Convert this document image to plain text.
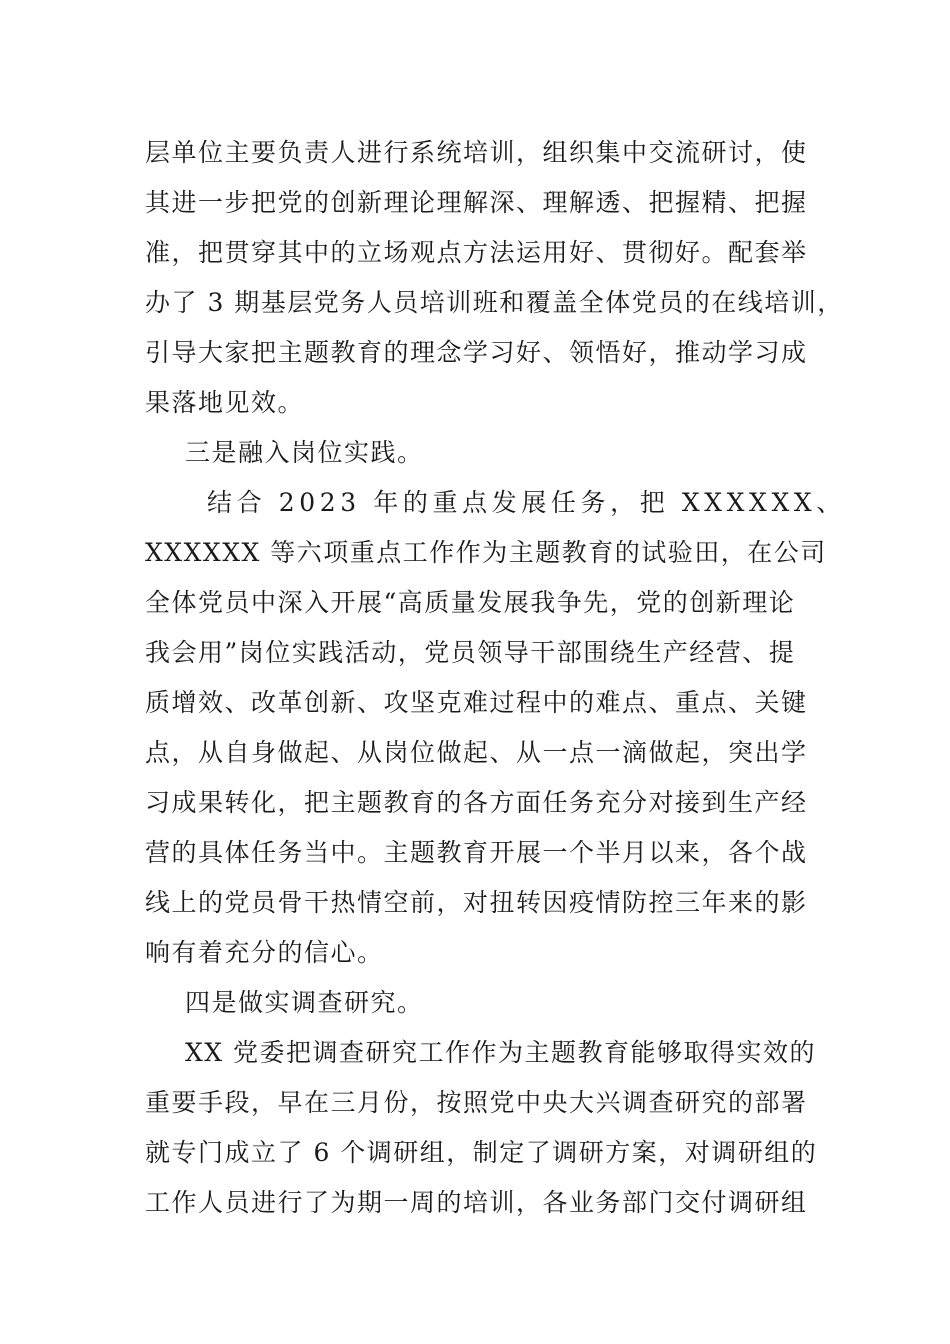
层单位主要负责人进行系统培训，组织集中交流研讨，使
其进一步把党的创新理论理解深、理解透、把握精、把握
准，把贯穿其中的立场观点方法运用好、贯彻好。配套举
办了 3 期基层党务人员培训班和覆盖全体党员的在线培训，
引导大家把主题教育的理念学习好、领悟好，推动学习成
果落地见效。
三是融入岗位实践。
结合 2023 年的重点发展任务，把 XXXXXX、
XXXXXX 等六项重点工作作为主题教育的试验田，在公司
全体党员中深入开展“高质量发展我争先，党的创新理论
我会用”岗位实践活动，党员领导干部围绕生产经营、提
质增效、改革创新、攻坚克难过程中的难点、重点、关键
点，从自身做起、从岗位做起、从一点一滴做起，突出学
习成果转化，把主题教育的各方面任务充分对接到生产经
营的具体任务当中。主题教育开展一个半月以来，各个战
线上的党员骨干热情空前，对扭转因疫情防控三年来的影
响有着充分的信心。
四是做实调查研究。
XX 党委把调查研究工作作为主题教育能够取得实效的
重要手段，早在三月份，按照党中央大兴调查研究的部署
就专门成立了 6 个调研组，制定了调研方案，对调研组的
工作人员进行了为期一周的培训，各业务部门交付调研组
